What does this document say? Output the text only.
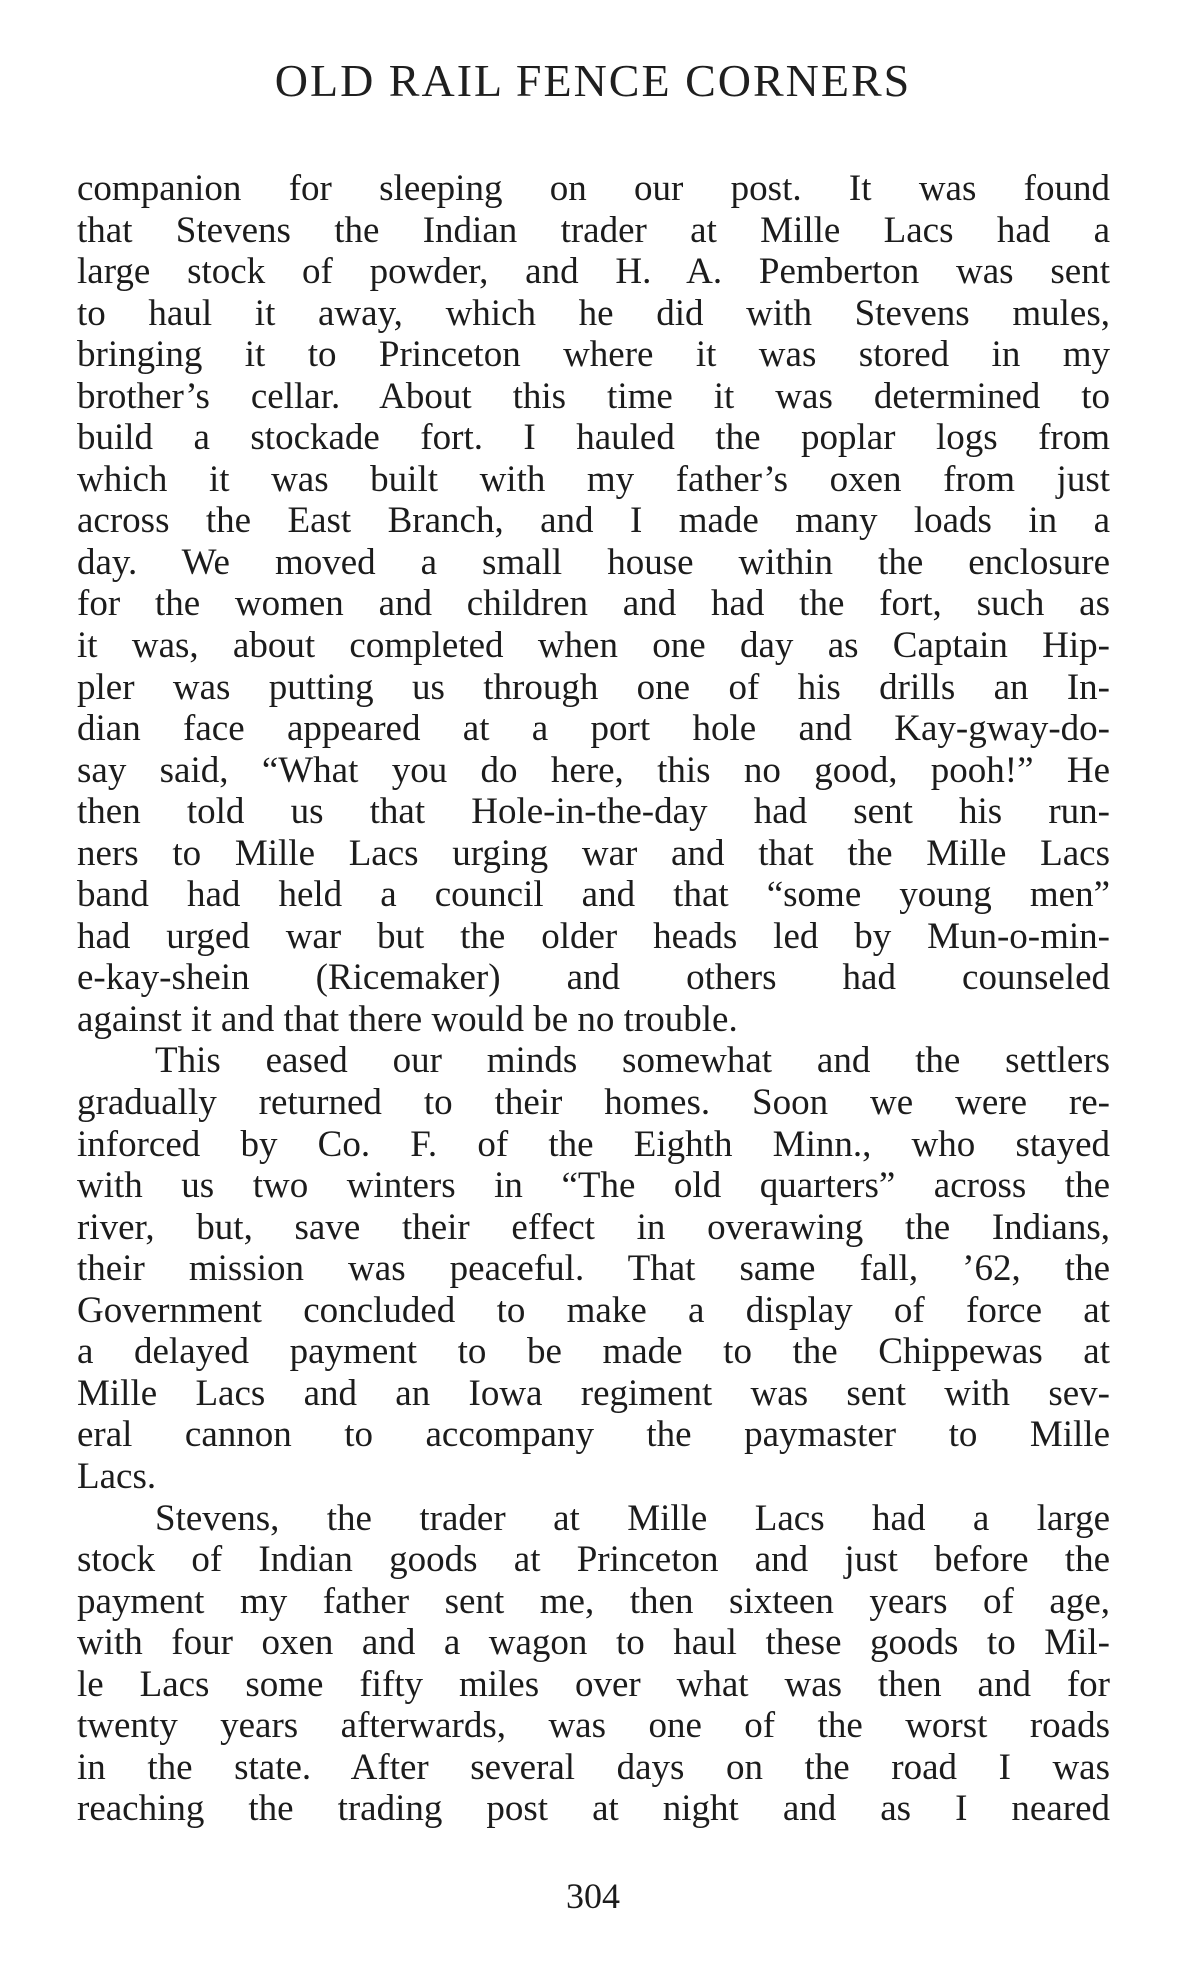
OLD RAIL FENCE CORNERS
companion for sleeping on our post. It was found
that Stevens the Indian trader at Mille Lacs had a
large stock of powder, and H. A. Pemberton was sent
to haul it away, which he did with Stevens mules,
bringing it to Princeton where it was stored in my
brother’s cellar. About this time it was determined to
build a stockade fort. I hauled the poplar logs from
which it was built with my father’s oxen from just
across the East Branch, and I made many loads in a
day. We moved a small house within the enclosure
for the women and children and had the fort, such as
it was, about completed when one day as Captain Hip-
pler was putting us through one of his drills an In-
dian face appeared at a port hole and Kay-gway-do-
say said, “What you do here, this no good, pooh!” He
then told us that Hole-in-the-day had sent his run-
ners to Mille Lacs urging war and that the Mille Lacs
band had held a council and that “some young men”
had urged war but the older heads led by Mun-o-min-
e-kay-shein (Ricemaker) and others had counseled
against it and that there would be no trouble.
This eased our minds somewhat and the settlers
gradually returned to their homes. Soon we were re-
inforced by Co. F. of the Eighth Minn., who stayed
with us two winters in “The old quarters” across the
river, but, save their effect in overawing the Indians,
their mission was peaceful. That same fall, ’62, the
Government concluded to make a display of force at
a delayed payment to be made to the Chippewas at
Mille Lacs and an Iowa regiment was sent with sev-
eral cannon to accompany the paymaster to Mille
Lacs.
Stevens, the trader at Mille Lacs had a large
stock of Indian goods at Princeton and just before the
payment my father sent me, then sixteen years of age,
with four oxen and a wagon to haul these goods to Mil-
le Lacs some fifty miles over what was then and for
twenty years afterwards, was one of the worst roads
in the state. After several days on the road I was
reaching the trading post at night and as I neared
304
